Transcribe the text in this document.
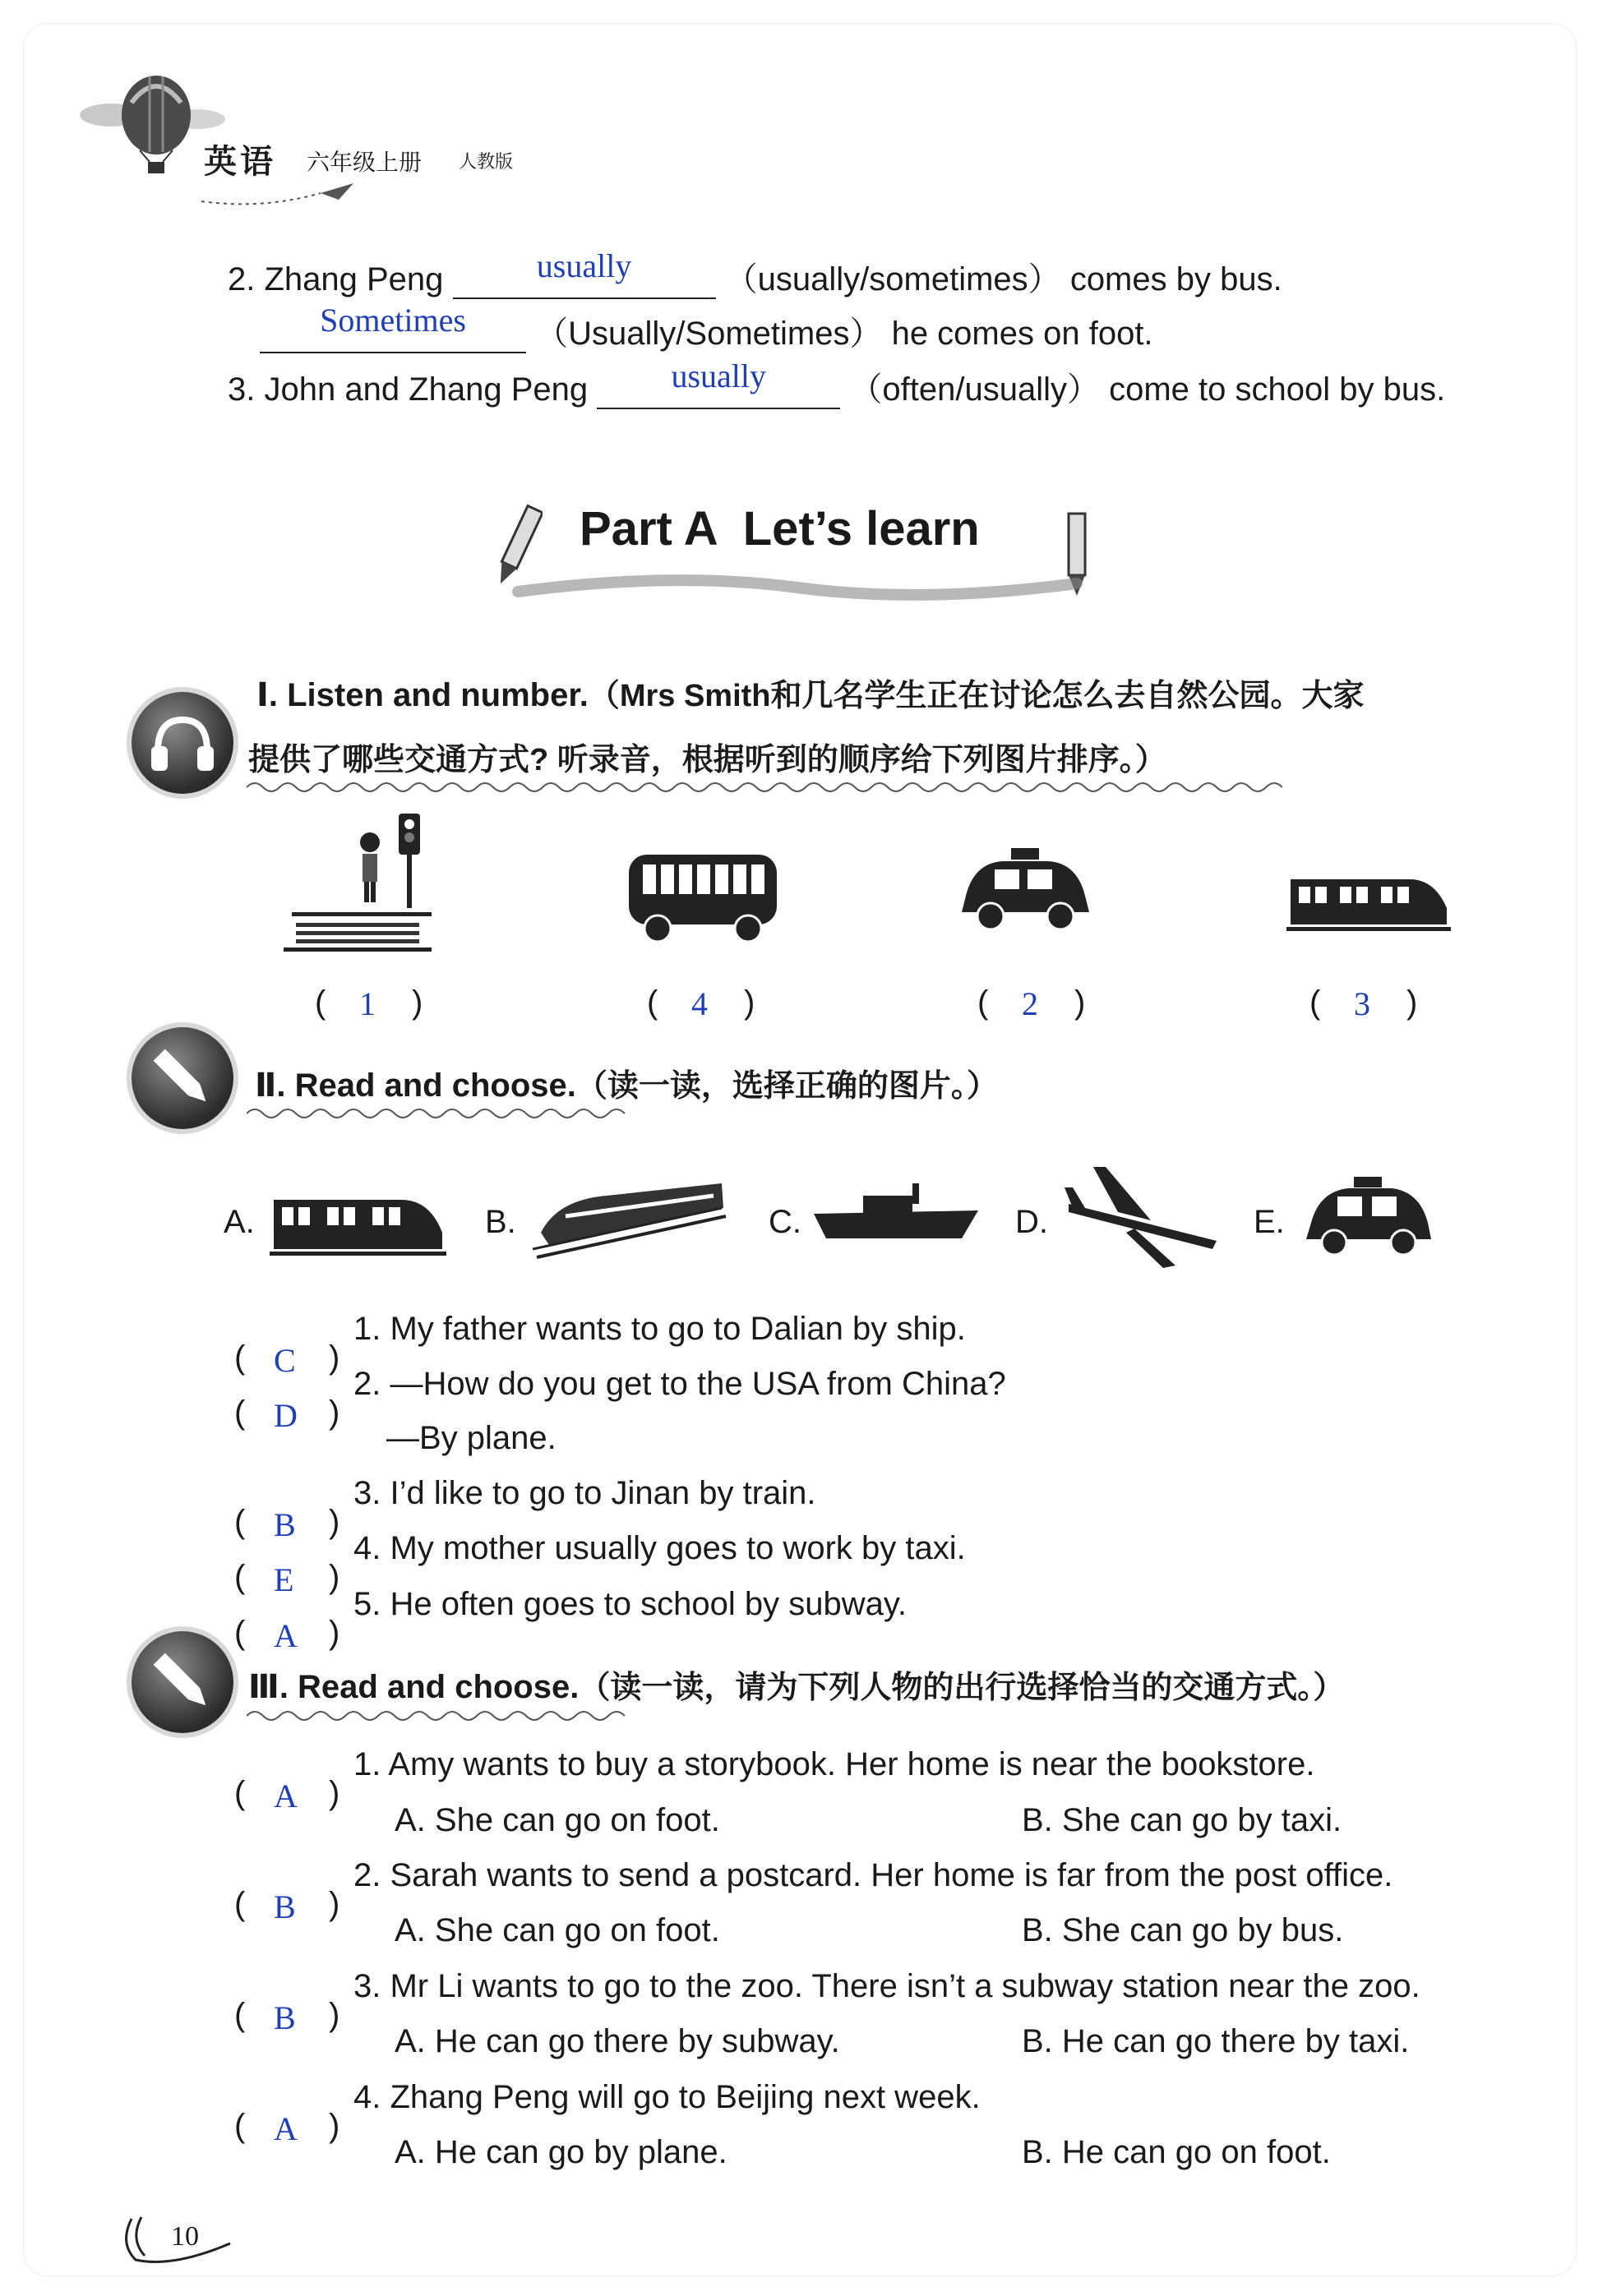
英语 六年级上册 人教版
2. Zhang Peng	usually	（usually/sometimes） comes by bus.
Sometimes （Usually/Sometimes） he comes on foot.
3. John and Zhang Peng	usually	（often/usually） come to school by bus.
Part A  Let’s learn
Ⅰ. Listen and number.（Mrs Smith和几名学生正在讨论怎么去自然公园。大家
提供了哪些交通方式? 听录音，根据听到的顺序给下列图片排序。）
( 1 )	( 4 )	( 2 )	( 3 )
Ⅱ. Read and choose.（读一读，选择正确的图片。）
A.	B.	C.	D.	E.
( C )
1. My father wants to go to Dalian by ship.
( D )
2. —How do you get to the USA from China?
—By plane.
( B )
3. I’d like to go to Jinan by train.
( E )
4. My mother usually goes to work by taxi.
( A )
5. He often goes to school by subway.
Ⅲ. Read and choose.（读一读，请为下列人物的出行选择恰当的交通方式。）
( A )
1. Amy wants to buy a storybook. Her home is near the bookstore.
A. She can go on foot.	B. She can go by taxi.
( B )
2. Sarah wants to send a postcard. Her home is far from the post office.
A. She can go on foot.	B. She can go by bus.
( B )
3. Mr Li wants to go to the zoo. There isn’t a subway station near the zoo.
A. He can go there by subway.	B. He can go there by taxi.
( A )
4. Zhang Peng will go to Beijing next week.
A. He can go by plane.	B. He can go on foot.
10
